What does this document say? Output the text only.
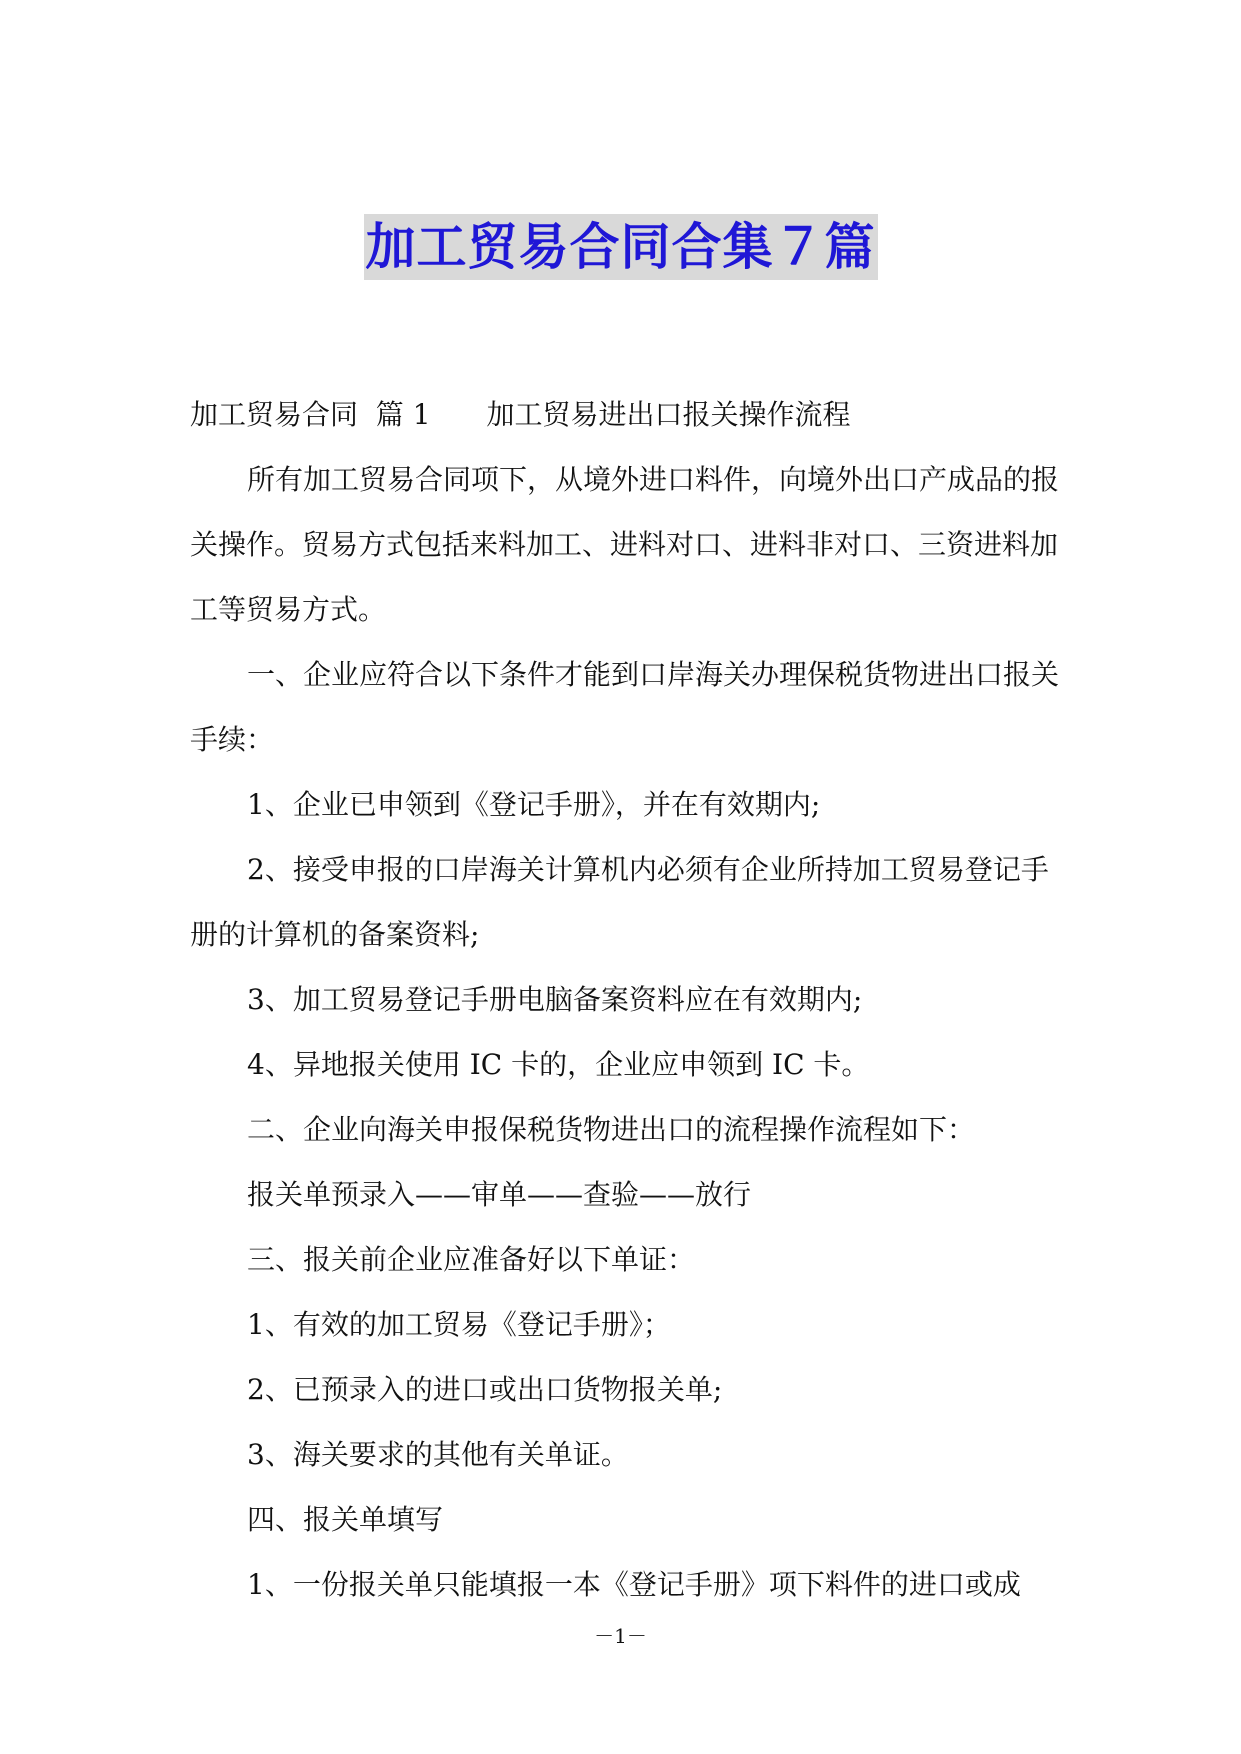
加工贸易合同合集７篇

加工贸易合同  篇 1 加工贸易进出口报关操作流程

所有加工贸易合同项下，从境外进口料件，向境外出口产成品的报关操作。贸易方式包括来料加工、进料对口、进料非对口、三资进料加工等贸易方式。

一、企业应符合以下条件才能到口岸海关办理保税货物进出口报关手续：

1、企业已申领到《登记手册》，并在有效期内;

2、接受申报的口岸海关计算机内必须有企业所持加工贸易登记手册的计算机的备案资料;

3、加工贸易登记手册电脑备案资料应在有效期内;

4、异地报关使用 IC 卡的，企业应申领到 IC 卡。

二、企业向海关申报保税货物进出口的流程操作流程如下：

报关单预录入——审单——查验——放行

三、报关前企业应准备好以下单证：

1、有效的加工贸易《登记手册》；

2、已预录入的进口或出口货物报关单;

3、海关要求的其他有关单证。

四、报关单填写

1、一份报关单只能填报一本《登记手册》项下料件的进口或成

－1－
